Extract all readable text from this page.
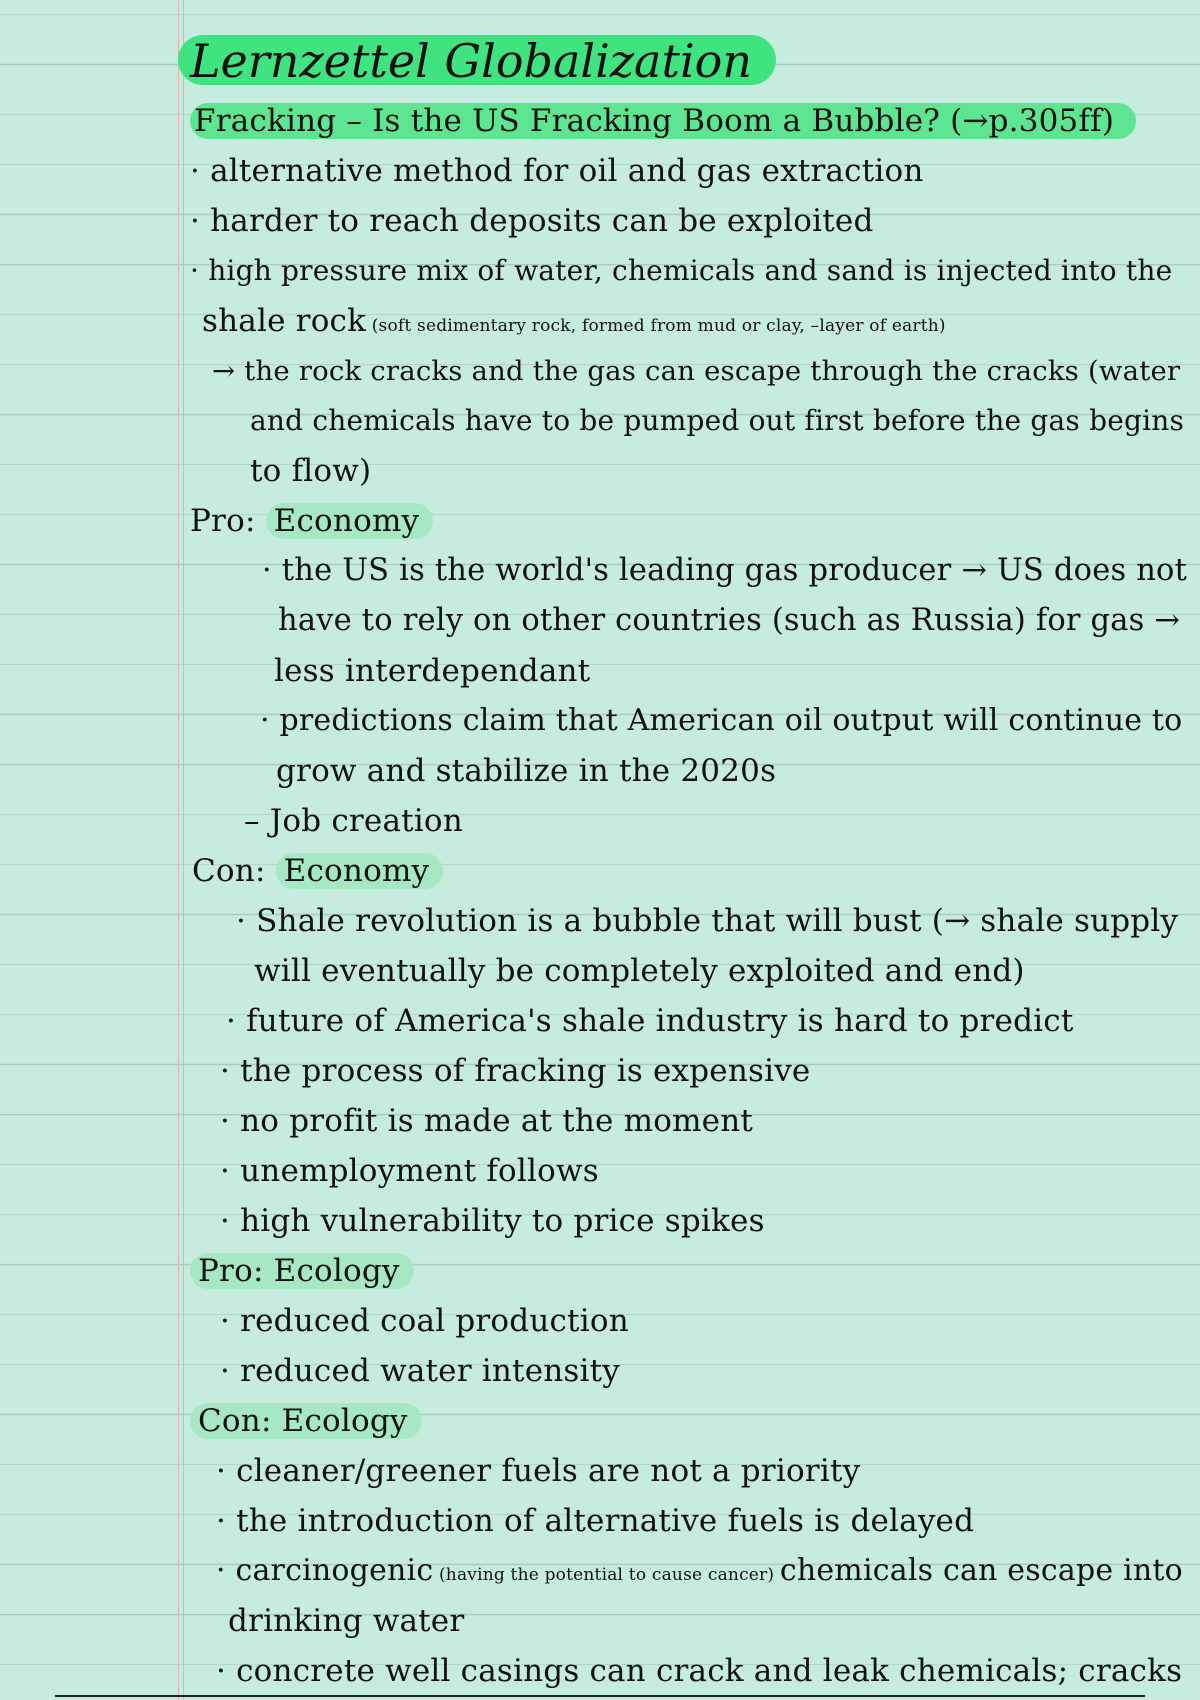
Lernzettel Globalization
Fracking – Is the US Fracking Boom a Bubble? (→p.305ff)
· alternative method for oil and gas extraction
· harder to reach deposits can be exploited
· high pressure mix of water, chemicals and sand is injected into the
shale rock (soft sedimentary rock, formed from mud or clay, –layer of earth)
→ the rock cracks and the gas can escape through the cracks (water
and chemicals have to be pumped out first before the gas begins
to flow)
Pro: Economy
· the US is the world's leading gas producer → US does not
have to rely on other countries (such as Russia) for gas →
less interdependant
· predictions claim that American oil output will continue to
grow and stabilize in the 2020s
– Job creation
Con: Economy
· Shale revolution is a bubble that will bust (→ shale supply
will eventually be completely exploited and end)
· future of America's shale industry is hard to predict
· the process of fracking is expensive
· no profit is made at the moment
· unemployment follows
· high vulnerability to price spikes
Pro: Ecology
· reduced coal production
· reduced water intensity
Con: Ecology
· cleaner/greener fuels are not a priority
· the introduction of alternative fuels is delayed
· carcinogenic (having the potential to cause cancer) chemicals can escape into
drinking water
· concrete well casings can crack and leak chemicals; cracks
